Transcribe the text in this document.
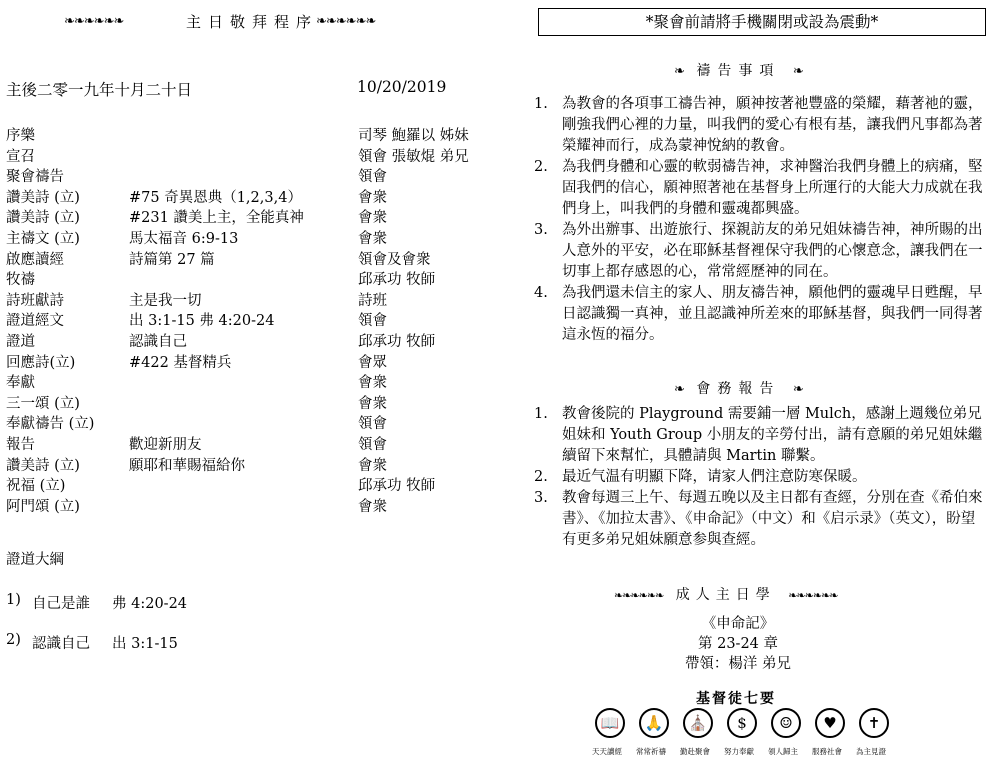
❧❧❧❧❧❧	主日敬拜程序
❧❧❧❧❧❧
主後二零一九年十月二十日	10/20/2019
序樂	司琴 鮑羅以 姊妹
宣召	領會 張敏焜 弟兄
聚會禱告	領會
讚美詩 (立)	#75 奇異恩典（1,2,3,4）	會衆
讚美詩 (立)	#231 讚美上主，全能真神	會衆
主禱文 (立)	馬太福音 6:9-13	會衆
啟應讀經	詩篇第 27 篇	領會及會衆
牧禱	邱承功 牧師
詩班獻詩	主是我一切	詩班
證道經文	出 3:1-15 弗 4:20-24	領會
證道	認識自己	邱承功 牧師
回應詩(立)	#422 基督精兵	會眾
奉獻	會衆
三一頌 (立)	會衆
奉獻禱告 (立)	領會
報告	歡迎新朋友	領會
讚美詩 (立)	願耶和華賜福給你	會衆
祝福 (立)	邱承功 牧師
阿門頌 (立)	會衆
證道大綱
1) 自己是誰 弗 4:20-24
2) 認識自己 出 3:1-15
*聚會前請將手機關閉或設為震動*
❧ 禱告事項 ❧
1. 為教會的各項事工禱告神，願神按著祂豐盛的榮耀，藉著祂的靈，剛強我們心裡的力量，叫我們的愛心有根有基，讓我們凡事都為著榮耀神而行，成為蒙神悅納的教會。
2. 為我們身體和心靈的軟弱禱告神，求神醫治我們身體上的病痛，堅固我們的信心，願神照著祂在基督身上所運行的大能大力成就在我們身上，叫我們的身體和靈魂都興盛。
3. 為外出辦事、出遊旅行、探親訪友的弟兄姐妹禱告神，神所賜的出人意外的平安，必在耶穌基督裡保守我們的心懷意念，讓我們在一切事上都存感恩的心，常常經歷神的同在。
4. 為我們還未信主的家人、朋友禱告神，願他們的靈魂早日甦醒，早日認識獨一真神，並且認識神所差來的耶穌基督，與我們一同得著這永恆的福分。
❧ 會務報告 ❧
1. 教會後院的 Playground 需要鋪一層 Mulch，感謝上週幾位弟兄姐妹和 Youth Group 小朋友的辛勞付出，請有意願的弟兄姐妹繼續留下來幫忙，具體請與 Martin 聯繫。
2. 最近气温有明顯下降，请家人們注意防寒保暖。
3. 教會每週三上午、每週五晚以及主日都有查經，分別在查《希伯來書》、《加拉太書》、《申命記》（中文）和《启示录》（英文），盼望有更多弟兄姐妹願意参與查經。
❧❧❧❧❧❧ 成人主日學 ❧❧❧❧❧❧
《申命記》
第 23-24 章
帶領：楊洋 弟兄
基督徒七要
📖
天天讀經
🙏
常常祈禱
⛪
勤赴聚會
$
努力奉獻
☺
領人歸主
♥
服務社會
✝
為主見證
